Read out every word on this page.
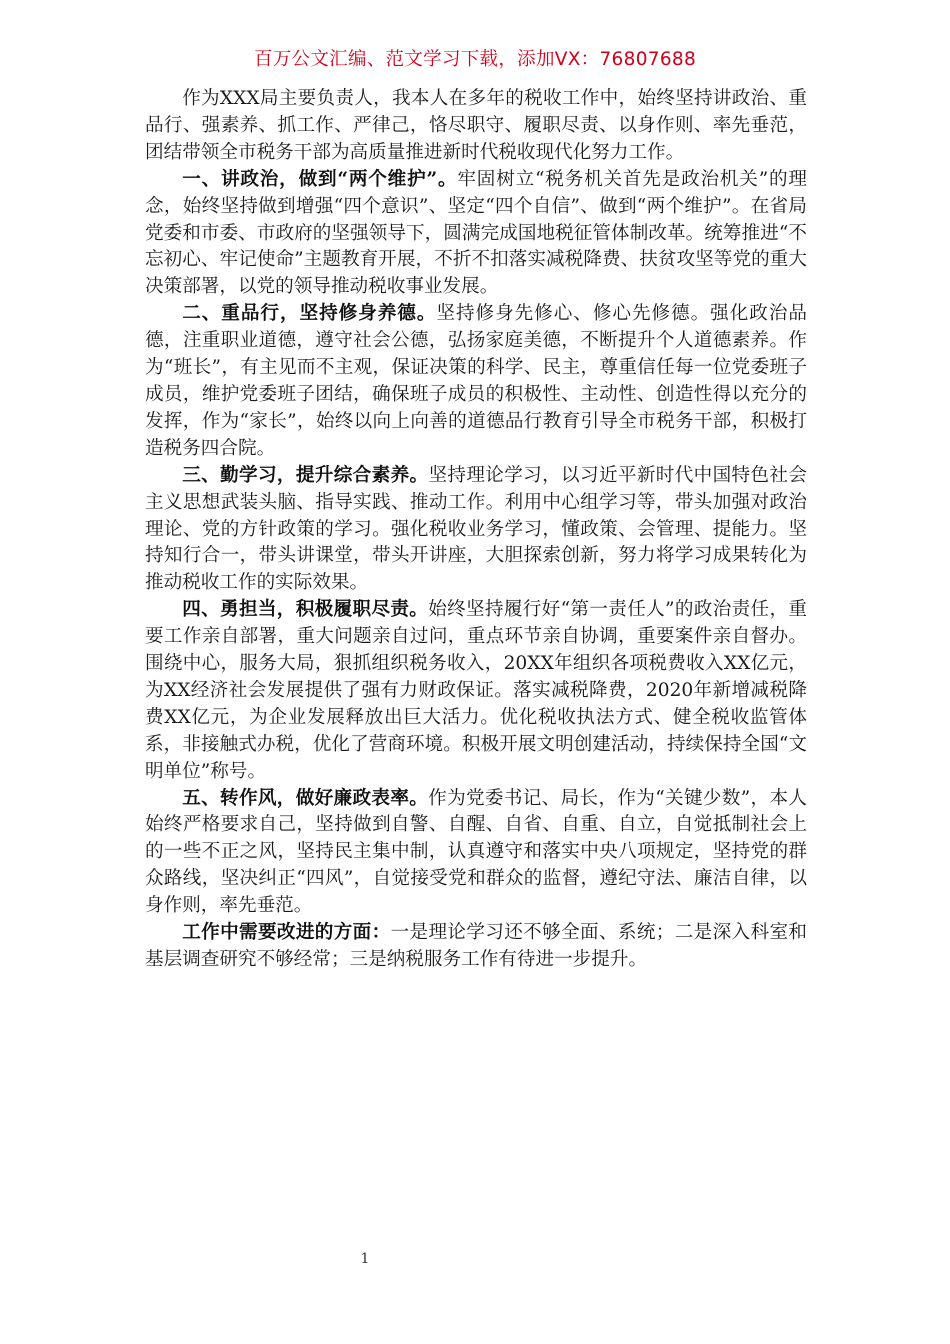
百万公文汇编、范文学习下载，添加VX：76807688

作为XXX局主要负责人，我本人在多年的税收工作中，始终坚持讲政治、重品行、强素养、抓工作、严律己，恪尽职守、履职尽责、以身作则、率先垂范，团结带领全市税务干部为高质量推进新时代税收现代化努力工作。

一、讲政治，做到“两个维护”。牢固树立“税务机关首先是政治机关”的理念，始终坚持做到增强“四个意识”、坚定“四个自信”、做到“两个维护”。在省局党委和市委、市政府的坚强领导下，圆满完成国地税征管体制改革。统筹推进“不忘初心、牢记使命”主题教育开展，不折不扣落实减税降费、扶贫攻坚等党的重大决策部署，以党的领导推动税收事业发展。

二、重品行，坚持修身养德。坚持修身先修心、修心先修德。强化政治品德，注重职业道德，遵守社会公德，弘扬家庭美德，不断提升个人道德素养。作为“班长”，有主见而不主观，保证决策的科学、民主，尊重信任每一位党委班子成员，维护党委班子团结，确保班子成员的积极性、主动性、创造性得以充分的发挥，作为“家长”，始终以向上向善的道德品行教育引导全市税务干部，积极打造税务四合院。

三、勤学习，提升综合素养。坚持理论学习，以习近平新时代中国特色社会主义思想武装头脑、指导实践、推动工作。利用中心组学习等，带头加强对政治理论、党的方针政策的学习。强化税收业务学习，懂政策、会管理、提能力。坚持知行合一，带头讲课堂，带头开讲座，大胆探索创新，努力将学习成果转化为推动税收工作的实际效果。

四、勇担当，积极履职尽责。始终坚持履行好“第一责任人”的政治责任，重要工作亲自部署，重大问题亲自过问，重点环节亲自协调，重要案件亲自督办。围绕中心，服务大局，狠抓组织税务收入，20XX年组织各项税费收入XX亿元，为XX经济社会发展提供了强有力财政保证。落实减税降费，2020年新增减税降费XX亿元，为企业发展释放出巨大活力。优化税收执法方式、健全税收监管体系，非接触式办税，优化了营商环境。积极开展文明创建活动，持续保持全国“文明单位”称号。

五、转作风，做好廉政表率。作为党委书记、局长，作为“关键少数”，本人始终严格要求自己，坚持做到自警、自醒、自省、自重、自立，自觉抵制社会上的一些不正之风，坚持民主集中制，认真遵守和落实中央八项规定，坚持党的群众路线，坚决纠正“四风”，自觉接受党和群众的监督，遵纪守法、廉洁自律，以身作则，率先垂范。

工作中需要改进的方面：一是理论学习还不够全面、系统；二是深入科室和基层调查研究不够经常；三是纳税服务工作有待进一步提升。

1
